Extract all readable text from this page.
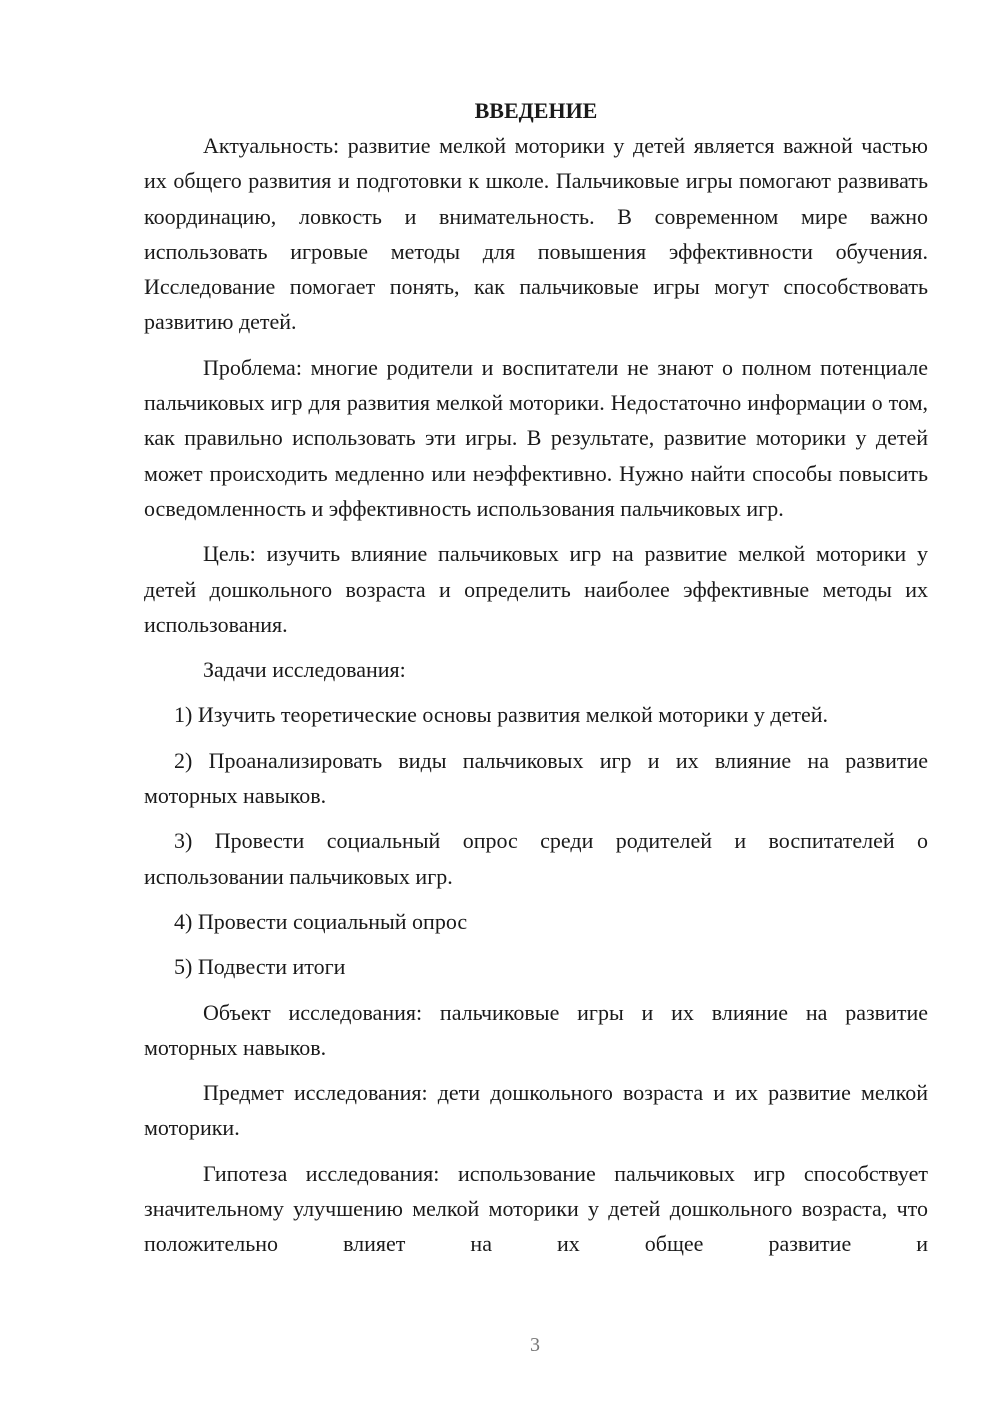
ВВЕДЕНИЕ

Актуальность: развитие мелкой моторики у детей является важной частью их общего развития и подготовки к школе. Пальчиковые игры помогают развивать координацию, ловкость и внимательность. В современном мире важно использовать игровые методы для повышения эффективности обучения. Исследование помогает понять, как пальчиковые игры могут способствовать развитию детей.

Проблема: многие родители и воспитатели не знают о полном потенциале пальчиковых игр для развития мелкой моторики. Недостаточно информации о том, как правильно использовать эти игры. В результате, развитие моторики у детей может происходить медленно или неэффективно. Нужно найти способы повысить осведомленность и эффективность использования пальчиковых игр.

Цель: изучить влияние пальчиковых игр на развитие мелкой моторики у детей дошкольного возраста и определить наиболее эффективные методы их использования.

Задачи исследования:

1) Изучить теоретические основы развития мелкой моторики у детей.

2) Проанализировать виды пальчиковых игр и их влияние на развитие моторных навыков.

3) Провести социальный опрос среди родителей и воспитателей о использовании пальчиковых игр.

4) Провести социальный опрос

5) Подвести итоги

Объект исследования: пальчиковые игры и их влияние на развитие моторных навыков.

Предмет исследования: дети дошкольного возраста и их развитие мелкой моторики.

Гипотеза исследования: использование пальчиковых игр способствует значительному улучшению мелкой моторики у детей дошкольного возраста, что положительно влияет на их общее развитие и

3
